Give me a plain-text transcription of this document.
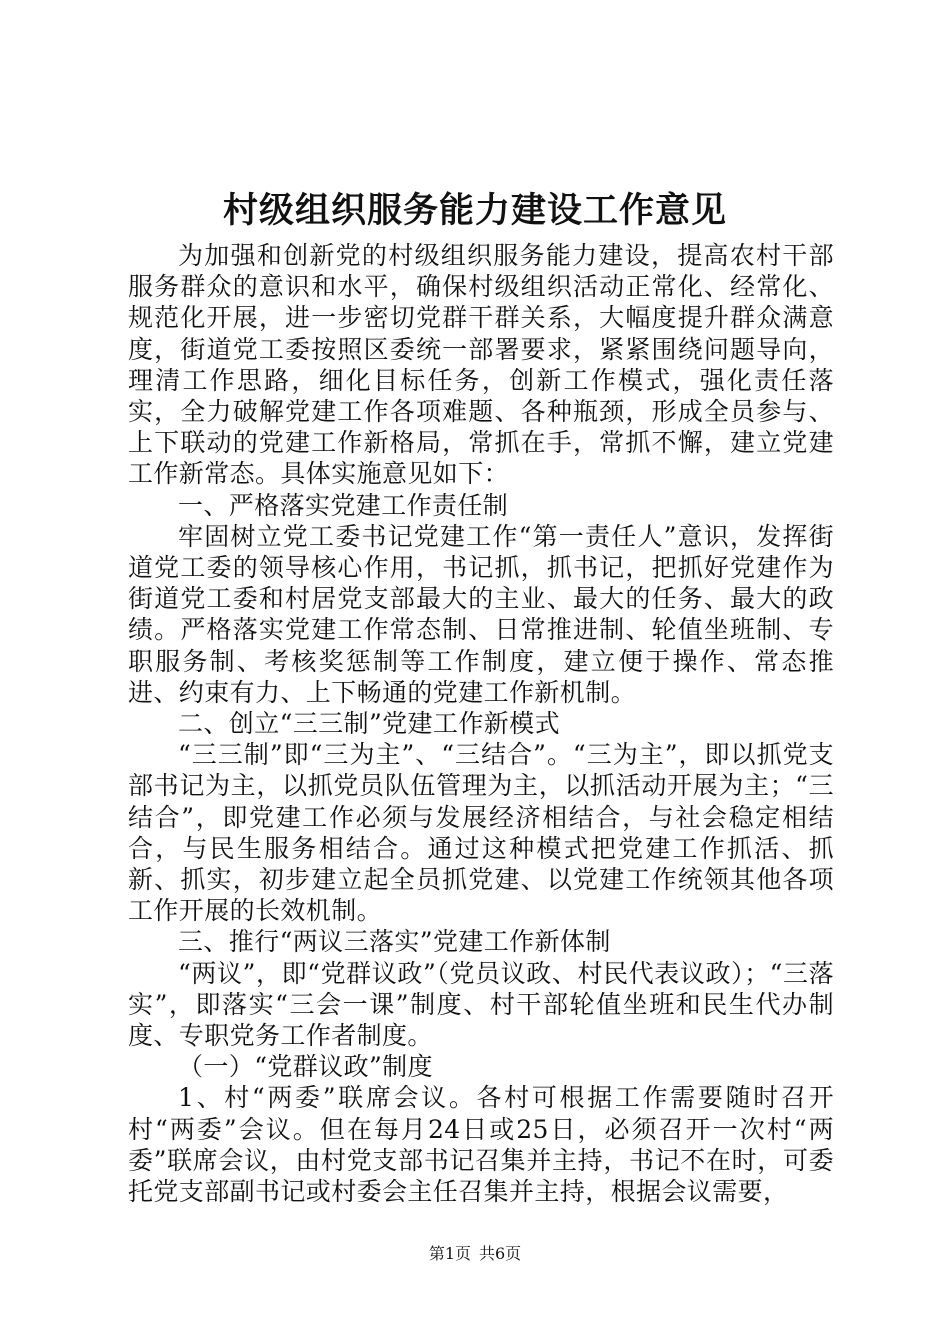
村级组织服务能力建设工作意见

为加强和创新党的村级组织服务能力建设，提高农村干部服务群众的意识和水平，确保村级组织活动正常化、经常化、规范化开展，进一步密切党群干群关系，大幅度提升群众满意度，街道党工委按照区委统一部署要求，紧紧围绕问题导向，理清工作思路，细化目标任务，创新工作模式，强化责任落实，全力破解党建工作各项难题、各种瓶颈，形成全员参与、上下联动的党建工作新格局，常抓在手，常抓不懈，建立党建工作新常态。具体实施意见如下：

一、严格落实党建工作责任制

牢固树立党工委书记党建工作“第一责任人”意识，发挥街道党工委的领导核心作用，书记抓，抓书记，把抓好党建作为街道党工委和村居党支部最大的主业、最大的任务、最大的政绩。严格落实党建工作常态制、日常推进制、轮值坐班制、专职服务制、考核奖惩制等工作制度，建立便于操作、常态推进、约束有力、上下畅通的党建工作新机制。

二、创立“三三制”党建工作新模式

“三三制”即“三为主”、“三结合”。“三为主”，即以抓党支部书记为主，以抓党员队伍管理为主，以抓活动开展为主；“三结合”，即党建工作必须与发展经济相结合，与社会稳定相结合，与民生服务相结合。通过这种模式把党建工作抓活、抓新、抓实，初步建立起全员抓党建、以党建工作统领其他各项工作开展的长效机制。

三、推行“两议三落实”党建工作新体制

“两议”，即“党群议政”（党员议政、村民代表议政）；“三落实”，即落实“三会一课”制度、村干部轮值坐班和民生代办制度、专职党务工作者制度。

（一）“党群议政”制度

1、村“两委”联席会议。各村可根据工作需要随时召开村“两委”会议。但在每月24日或25日，必须召开一次村“两委”联席会议，由村党支部书记召集并主持，书记不在时，可委托党支部副书记或村委会主任召集并主持，根据会议需要，

第1页 共6页
